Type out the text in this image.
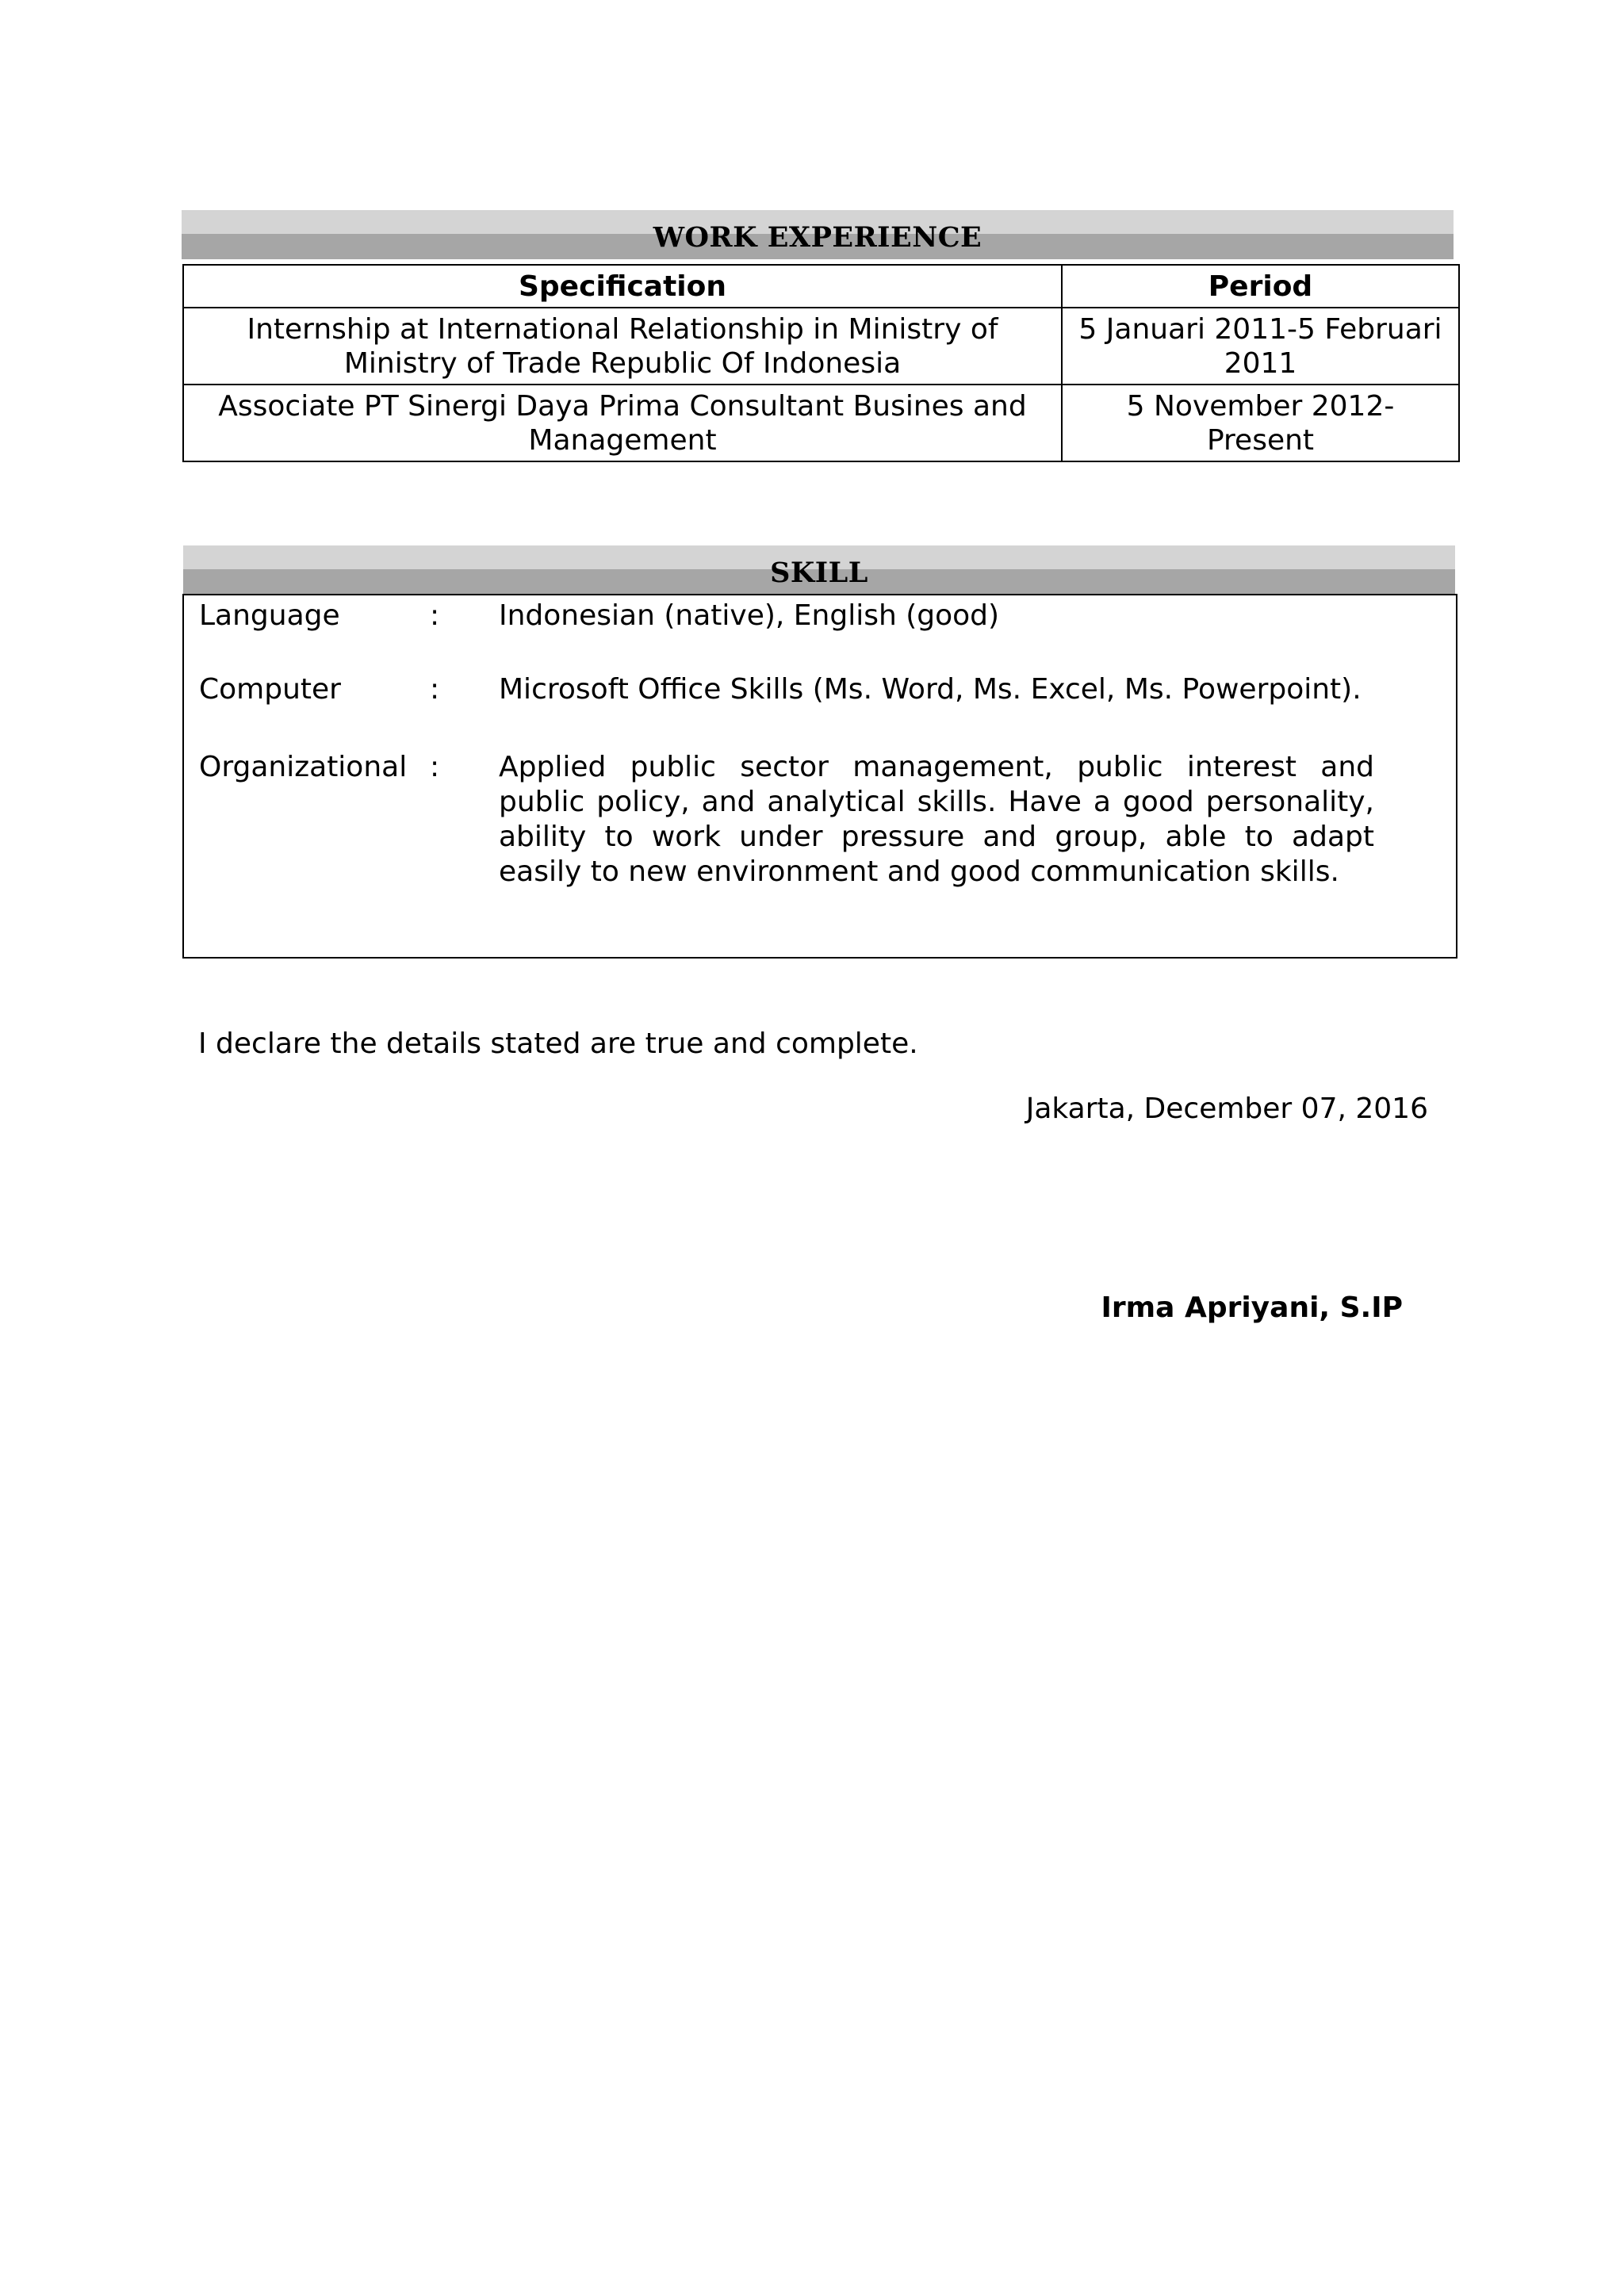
WORK EXPERIENCE
Specification	Period
Internship at International Relationship in Ministry of Ministry of Trade Republic Of Indonesia	5 Januari 2011-5 Februari 2011
Associate PT Sinergi Daya Prima Consultant Busines and Management	5 November 2012-Present
SKILL
Language	: Indonesian (native), English (good)
Computer	: Microsoft Office Skills (Ms. Word, Ms. Excel, Ms. Powerpoint).
Organizational : Applied public sector management, public interest and public policy, and analytical skills. Have a good personality, ability to work under pressure and group, able to adapt easily to new environment and good communication skills.
I declare the details stated are true and complete.
Jakarta, December 07, 2016
Irma Apriyani, S.IP
